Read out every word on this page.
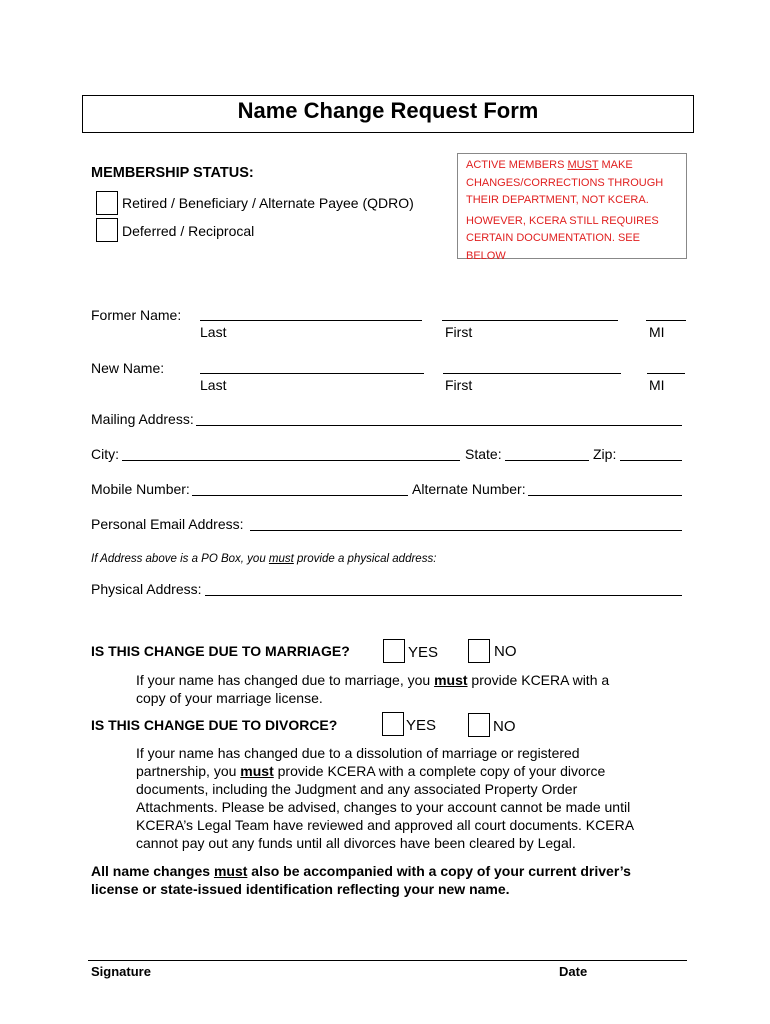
Name Change Request Form
MEMBERSHIP STATUS:
Retired / Beneficiary / Alternate Payee (QDRO)
Deferred / Reciprocal

ACTIVE MEMBERS MUST MAKE

CHANGES/CORRECTIONS THROUGH

THEIR DEPARTMENT, NOT KCERA.

HOWEVER, KCERA STILL REQUIRES

CERTAIN DOCUMENTATION. SEE BELOW

Former Name:
Last	First	MI
New Name:
Last	First	MI
Mailing Address:
City:	State:	Zip:
Mobile Number:	Alternate Number:
Personal Email Address:
If Address above is a PO Box, you must provide a physical address:
Physical Address:
IS THIS CHANGE DUE TO MARRIAGE?	YES	NO
If your name has changed due to marriage, you must provide KCERA with a
copy of your marriage license.
IS THIS CHANGE DUE TO DIVORCE?	YES	NO
If your name has changed due to a dissolution of marriage or registered
partnership, you must provide KCERA with a complete copy of your divorce
documents, including the Judgment and any associated Property Order
Attachments. Please be advised, changes to your account cannot be made until
KCERA’s Legal Team have reviewed and approved all court documents. KCERA
cannot pay out any funds until all divorces have been cleared by Legal.
All name changes must also be accompanied with a copy of your current driver’s
license or state-issued identification reflecting your new name.
Signature	Date
